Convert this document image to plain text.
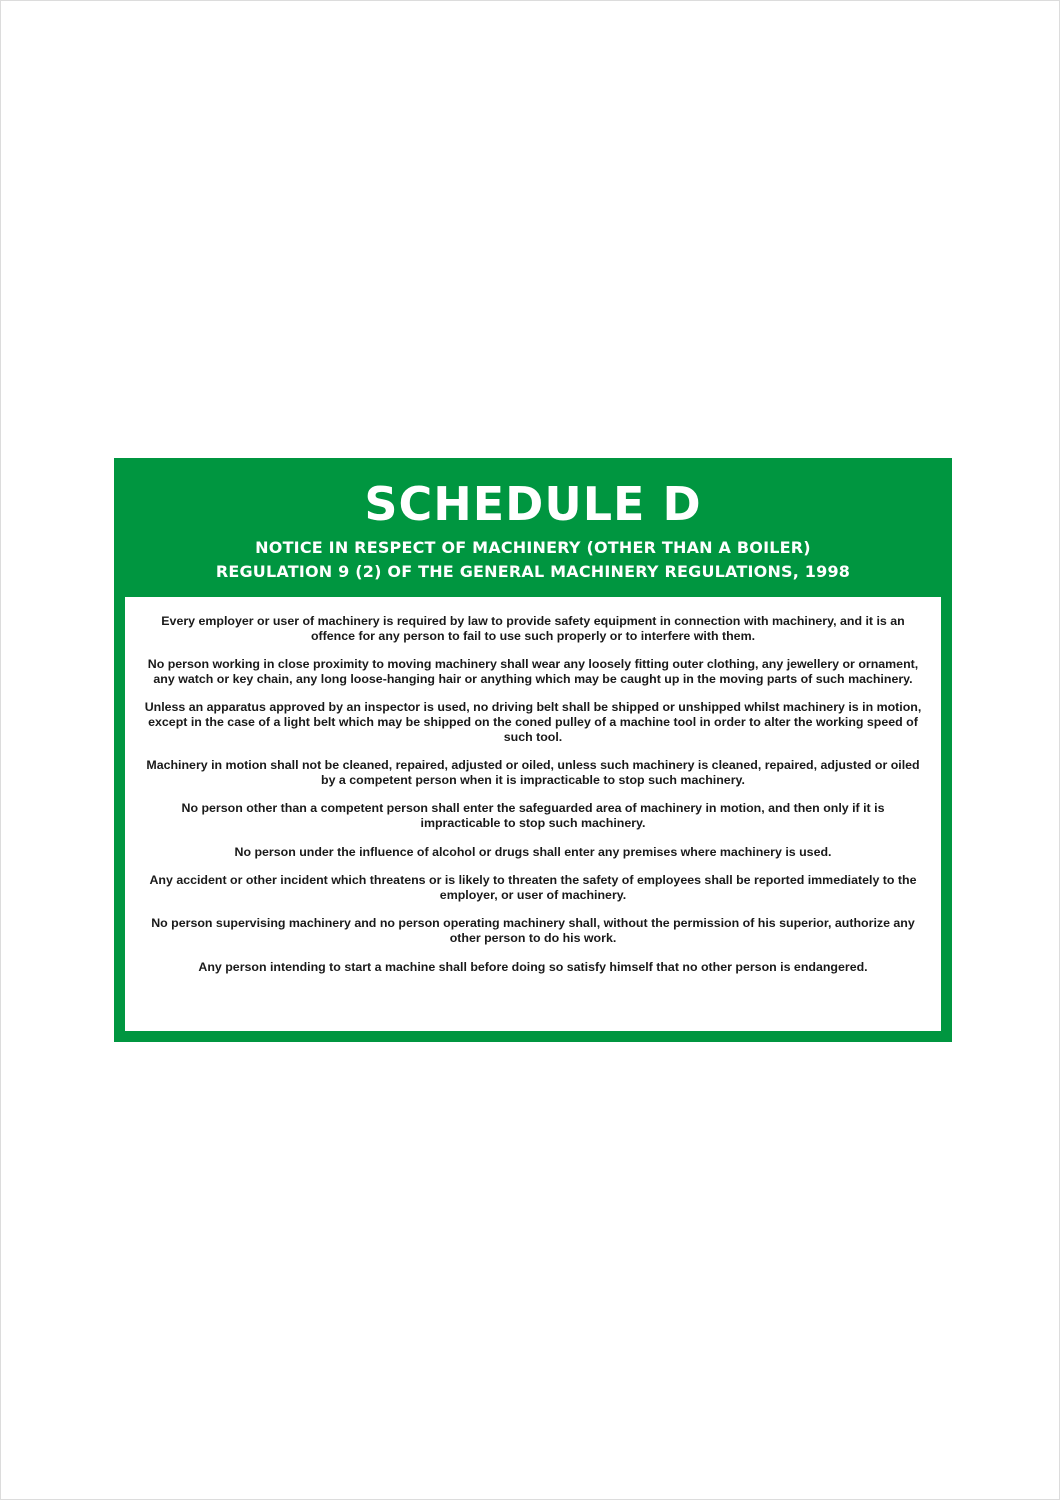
SCHEDULE D
NOTICE IN RESPECT OF MACHINERY (OTHER THAN A BOILER)
REGULATION 9 (2) OF THE GENERAL MACHINERY REGULATIONS, 1998

Every employer or user of machinery is required by law to provide safety equipment in connection with machinery, and it is an offence for any person to fail to use such properly or to interfere with them.

No person working in close proximity to moving machinery shall wear any loosely fitting outer clothing, any jewellery or ornament, any watch or key chain, any long loose-hanging hair or anything which may be caught up in the moving parts of such machinery.

Unless an apparatus approved by an inspector is used, no driving belt shall be shipped or unshipped whilst machinery is in motion, except in the case of a light belt which may be shipped on the coned pulley of a machine tool in order to alter the working speed of such tool.

Machinery in motion shall not be cleaned, repaired, adjusted or oiled, unless such machinery is cleaned, repaired, adjusted or oiled by a competent person when it is impracticable to stop such machinery.

No person other than a competent person shall enter the safeguarded area of machinery in motion, and then only if it is impracticable to stop such machinery.

No person under the influence of alcohol or drugs shall enter any premises where machinery is used.

Any accident or other incident which threatens or is likely to threaten the safety of employees shall be reported immediately to the employer, or user of machinery.

No person supervising machinery and no person operating machinery shall, without the permission of his superior, authorize any other person to do his work.

Any person intending to start a machine shall before doing so satisfy himself that no other person is endangered.
